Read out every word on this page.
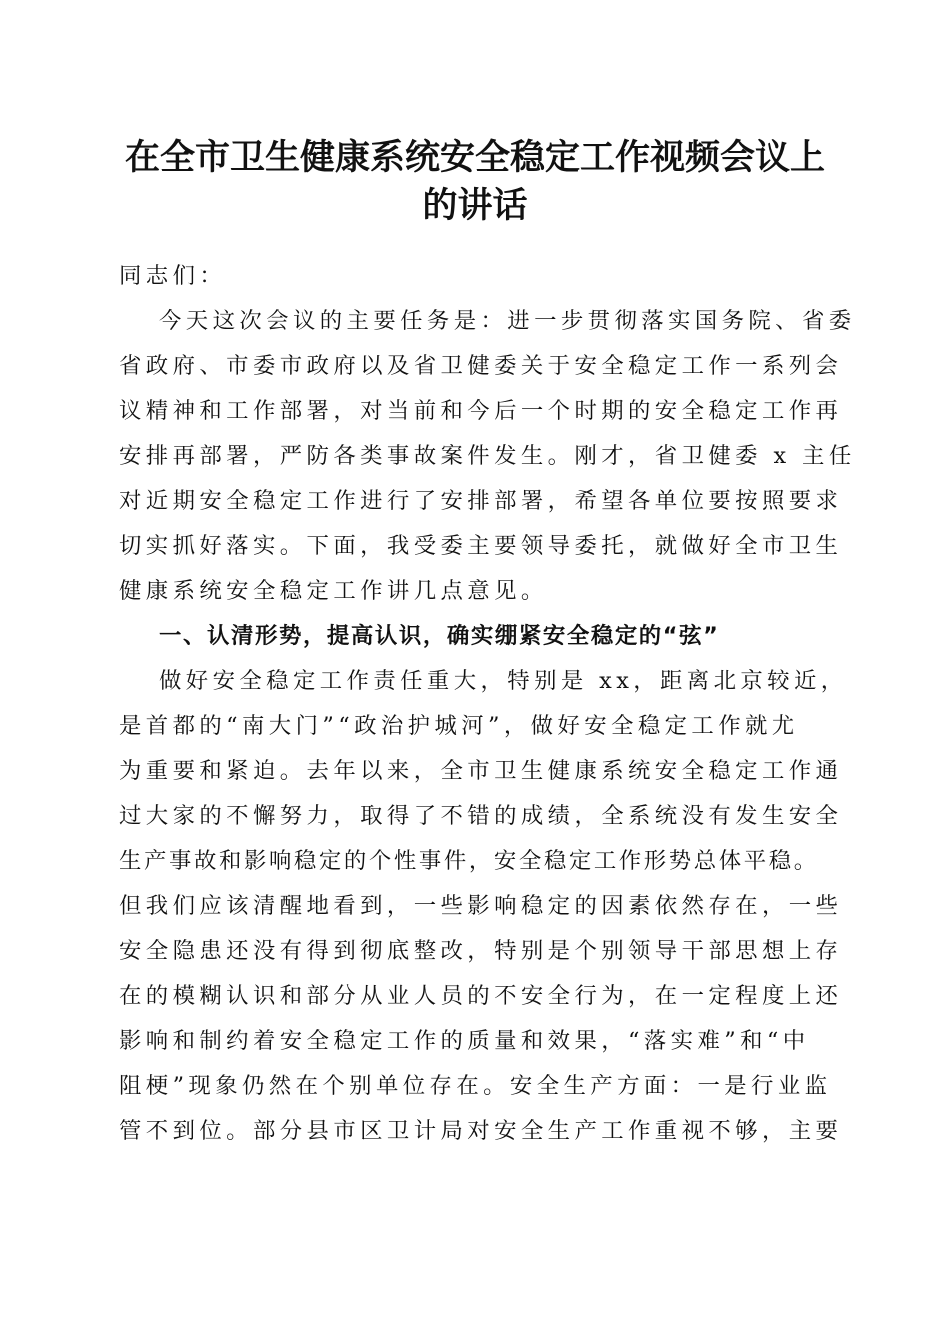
在全市卫生健康系统安全稳定工作视频会议上
的讲话
同志们：
今天这次会议的主要任务是：进一步贯彻落实国务院、省委
省政府、市委市政府以及省卫健委关于安全稳定工作一系列会
议精神和工作部署，对当前和今后一个时期的安全稳定工作再
安排再部署，严防各类事故案件发生。刚才，省卫健委 x 主任
对近期安全稳定工作进行了安排部署，希望各单位要按照要求
切实抓好落实。下面，我受委主要领导委托，就做好全市卫生
健康系统安全稳定工作讲几点意见。
一、认清形势，提高认识，确实绷紧安全稳定的“弦”
做好安全稳定工作责任重大，特别是 xx，距离北京较近，
是首都的“南大门”“政治护城河”，做好安全稳定工作就尤
为重要和紧迫。去年以来，全市卫生健康系统安全稳定工作通
过大家的不懈努力，取得了不错的成绩，全系统没有发生安全
生产事故和影响稳定的个性事件，安全稳定工作形势总体平稳。
但我们应该清醒地看到，一些影响稳定的因素依然存在，一些
安全隐患还没有得到彻底整改，特别是个别领导干部思想上存
在的模糊认识和部分从业人员的不安全行为，在一定程度上还
影响和制约着安全稳定工作的质量和效果，“落实难”和“中
阻梗”现象仍然在个别单位存在。安全生产方面：一是行业监
管不到位。部分县市区卫计局对安全生产工作重视不够，主要
